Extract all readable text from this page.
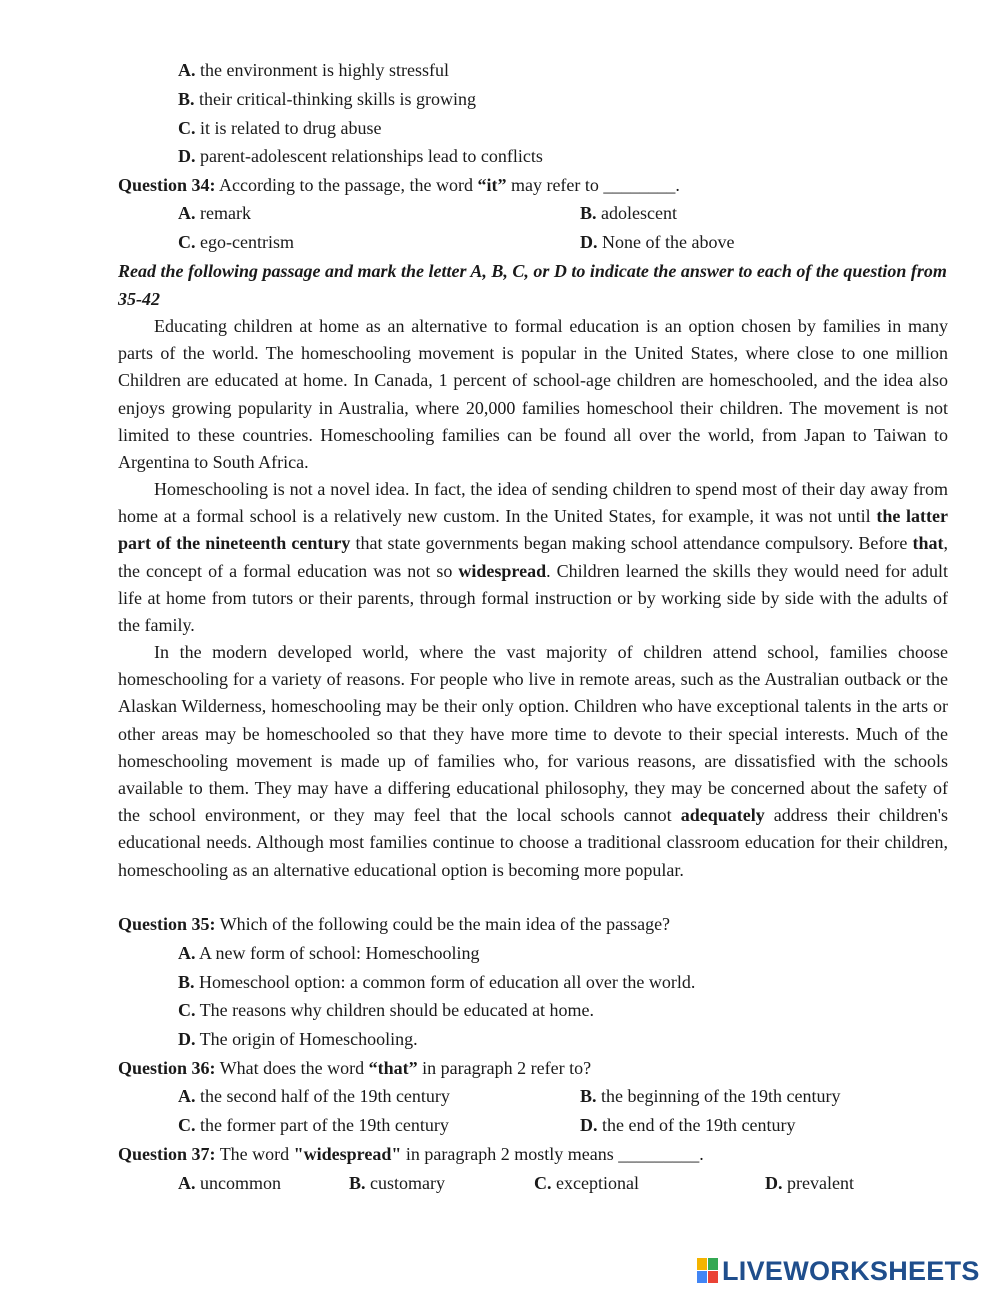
A. the environment is highly stressful
B. their critical-thinking skills is growing
C. it is related to drug abuse
D. parent-adolescent relationships lead to conflicts
Question 34: According to the passage, the word “it” may refer to ________.
A. remark	B. adolescent
C. ego-centrism	D. None of the above
Read the following passage and mark the letter A, B, C, or D to indicate the answer to each of the question from 35-42
Educating children at home as an alternative to formal education is an option chosen by families in many parts of the world. The homeschooling movement is popular in the United States, where close to one million Children are educated at home. In Canada, 1 percent of school-age children are homeschooled, and the idea also enjoys growing popularity in Australia, where 20,000 families homeschool their children. The movement is not limited to these countries. Homeschooling families can be found all over the world, from Japan to Taiwan to Argentina to South Africa.
Homeschooling is not a novel idea. In fact, the idea of sending children to spend most of their day away from home at a formal school is a relatively new custom. In the United States, for example, it was not until the latter part of the nineteenth century that state governments began making school attendance compulsory. Before that, the concept of a formal education was not so widespread. Children learned the skills they would need for adult life at home from tutors or their parents, through formal instruction or by working side by side with the adults of the family.
In the modern developed world, where the vast majority of children attend school, families choose homeschooling for a variety of reasons. For people who live in remote areas, such as the Australian outback or the Alaskan Wilderness, homeschooling may be their only option. Children who have exceptional talents in the arts or other areas may be homeschooled so that they have more time to devote to their special interests. Much of the homeschooling movement is made up of families who, for various reasons, are dissatisfied with the schools available to them. They may have a differing educational philosophy, they may be concerned about the safety of the school environment, or they may feel that the local schools cannot adequately address their children's educational needs. Although most families continue to choose a traditional classroom education for their children, homeschooling as an alternative educational option is becoming more popular.
Question 35: Which of the following could be the main idea of the passage?
A. A new form of school: Homeschooling
B. Homeschool option: a common form of education all over the world.
C. The reasons why children should be educated at home.
D. The origin of Homeschooling.
Question 36: What does the word “that” in paragraph 2 refer to?
A. the second half of the 19th century	B. the beginning of the 19th century
C. the former part of the 19th century	D. the end of the 19th century
Question 37: The word "widespread" in paragraph 2 mostly means _________.
A. uncommon	B. customary	C. exceptional	D. prevalent
LIVEWORKSHEETS
